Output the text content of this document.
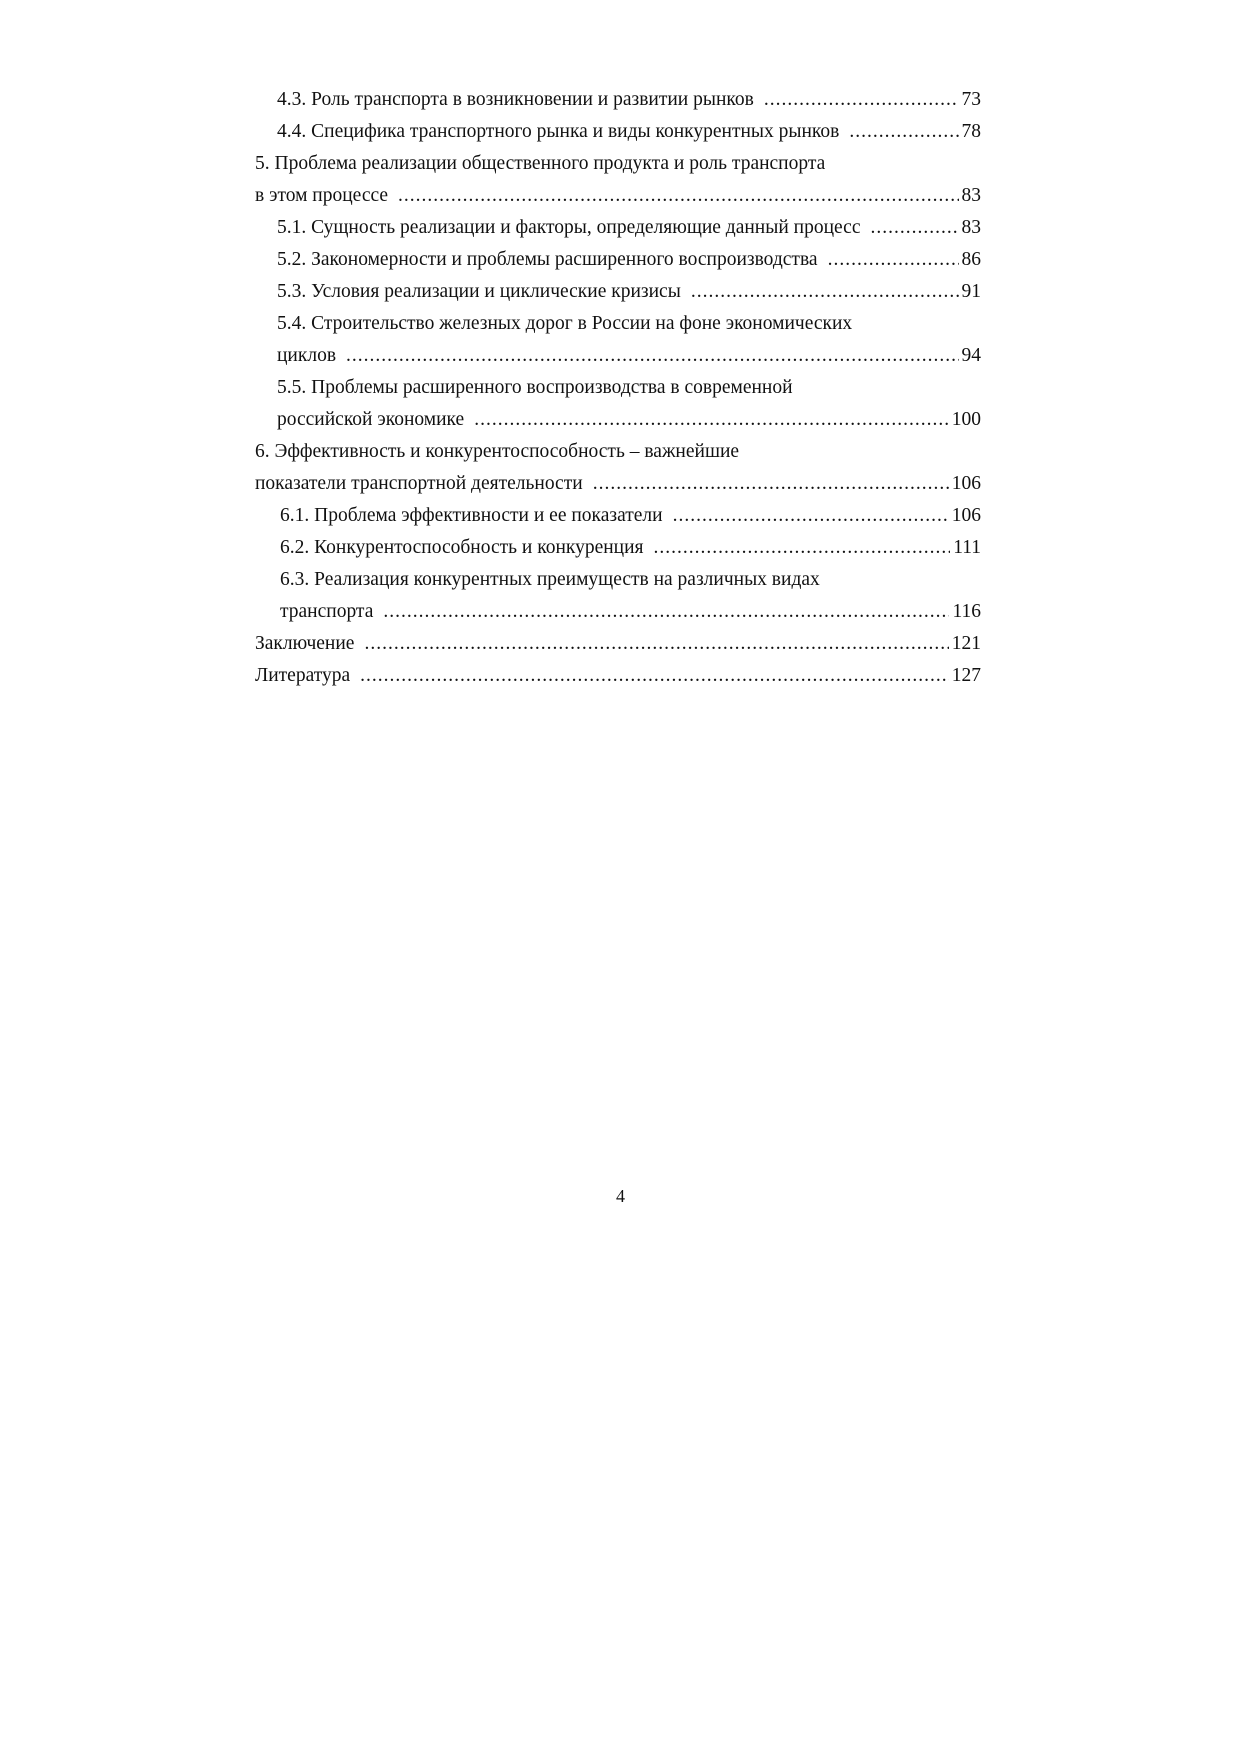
4.3. Роль транспорта в возникновении и развитии рынков .....	73
4.4. Специфика транспортного рынка и виды конкурентных рынков .....	78
5. Проблема реализации общественного продукта и роль транспорта
в этом процессе .....	83
5.1. Сущность реализации и факторы, определяющие данный процесс .....	83
5.2. Закономерности и проблемы расширенного воспроизводства .....	86
5.3. Условия реализации и циклические кризисы .....	91
5.4. Строительство железных дорог в России на фоне экономических
циклов .....	94
5.5. Проблемы расширенного воспроизводства в современной
российской экономике .....	100
6. Эффективность и конкурентоспособность – важнейшие
показатели транспортной деятельности .....	106
6.1. Проблема эффективности и ее показатели .....	106
6.2. Конкурентоспособность и конкуренция .....	111
6.3. Реализация конкурентных преимуществ на различных видах
транспорта .....	116
Заключение .....	121
Литература .....	127
4
